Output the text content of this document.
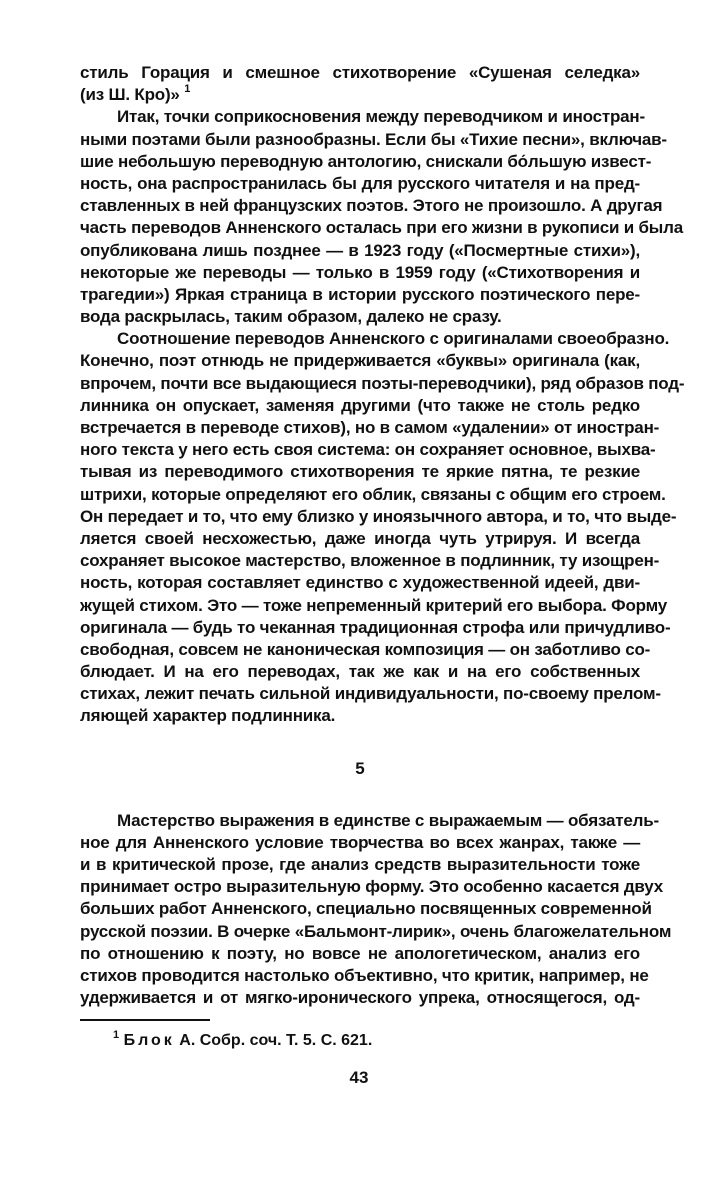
стиль Горация и смешное стихотворение «Сушеная селедка»
(из Ш. Кро)» $^1$
Итак, точки соприкосновения между переводчиком и иностран-
ными поэтами были разнообразны. Если бы «Тихие песни», включав-
шие небольшую переводную антологию, снискали бо́льшую извест-
ность, она распространилась бы для русского читателя и на пред-
ставленных в ней французских поэтов. Этого не произошло. А другая
часть переводов Анненского осталась при его жизни в рукописи и была
опубликована лишь позднее — в 1923 году («Посмертные стихи»),
некоторые же переводы — только в 1959 году («Стихотворения и
трагедии») Яркая страница в истории русского поэтического пере-
вода раскрылась, таким образом, далеко не сразу.
Соотношение переводов Анненского с оригиналами своеобразно.
Конечно, поэт отнюдь не придерживается «буквы» оригинала (как,
впрочем, почти все выдающиеся поэты-переводчики), ряд образов под-
линника он опускает, заменяя другими (что также не столь редко
встречается в переводе стихов), но в самом «удалении» от иностран-
ного текста у него есть своя система: он сохраняет основное, выхва-
тывая из переводимого стихотворения те яркие пятна, те резкие
штрихи, которые определяют его облик, связаны с общим его строем.
Он передает и то, что ему близко у иноязычного автора, и то, что выде-
ляется своей несхожестью, даже иногда чуть утрируя. И всегда
сохраняет высокое мастерство, вложенное в подлинник, ту изощрен-
ность, которая составляет единство с художественной идеей, дви-
жущей стихом. Это — тоже непременный критерий его выбора. Форму
оригинала — будь то чеканная традиционная строфа или причудливо-
свободная, совсем не каноническая композиция — он заботливо со-
блюдает. И на его переводах, так же как и на его собственных
стихах, лежит печать сильной индивидуальности, по-своему прелом-
ляющей характер подлинника.
5
Мастерство выражения в единстве с выражаемым — обязатель-
ное для Анненского условие творчества во всех жанрах, также —
и в критической прозе, где анализ средств выразительности тоже
принимает остро выразительную форму. Это особенно касается двух
больших работ Анненского, специально посвященных современной
русской поэзии. В очерке «Бальмонт-лирик», очень благожелательном
по отношению к поэту, но вовсе не апологетическом, анализ его
стихов проводится настолько объективно, что критик, например, не
удерживается и от мягко-иронического упрека, относящегося, од-
$^1$ Блок А. Собр. соч. Т. 5. С. 621.
43
